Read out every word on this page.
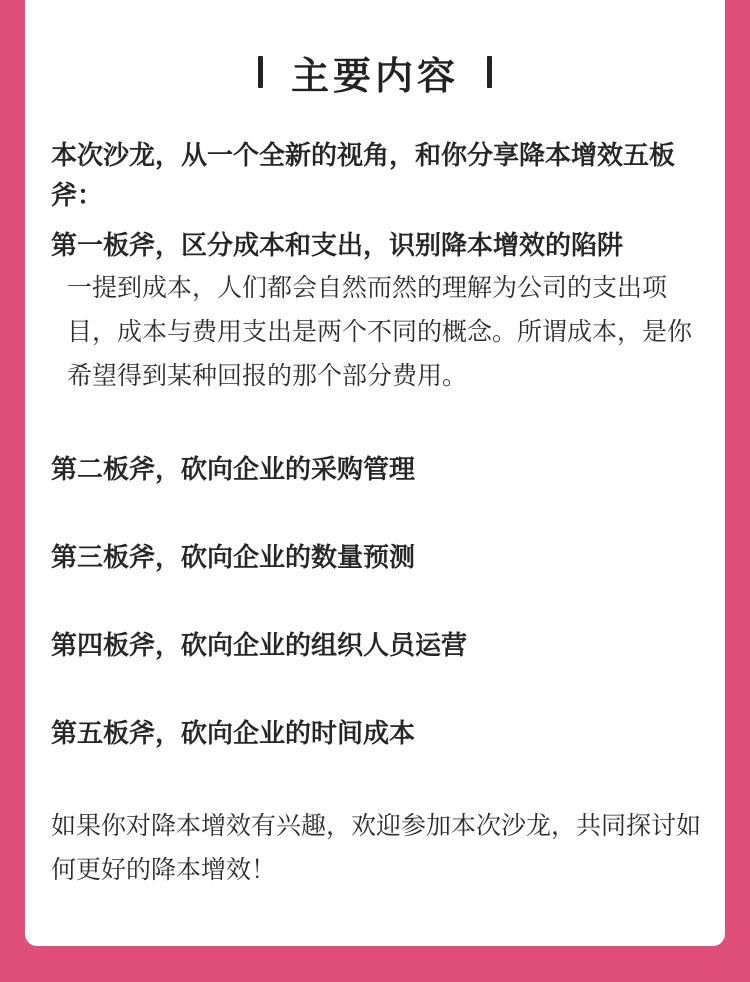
主要内容

本次沙龙，从一个全新的视角，和你分享降本增效五板斧：

第一板斧，区分成本和支出，识别降本增效的陷阱

一提到成本，人们都会自然而然的理解为公司的支出项目，成本与费用支出是两个不同的概念。所谓成本，是你希望得到某种回报的那个部分费用。

第二板斧，砍向企业的采购管理

第三板斧，砍向企业的数量预测

第四板斧，砍向企业的组织人员运营

第五板斧，砍向企业的时间成本

如果你对降本增效有兴趣，欢迎参加本次沙龙，共同探讨如何更好的降本增效！
